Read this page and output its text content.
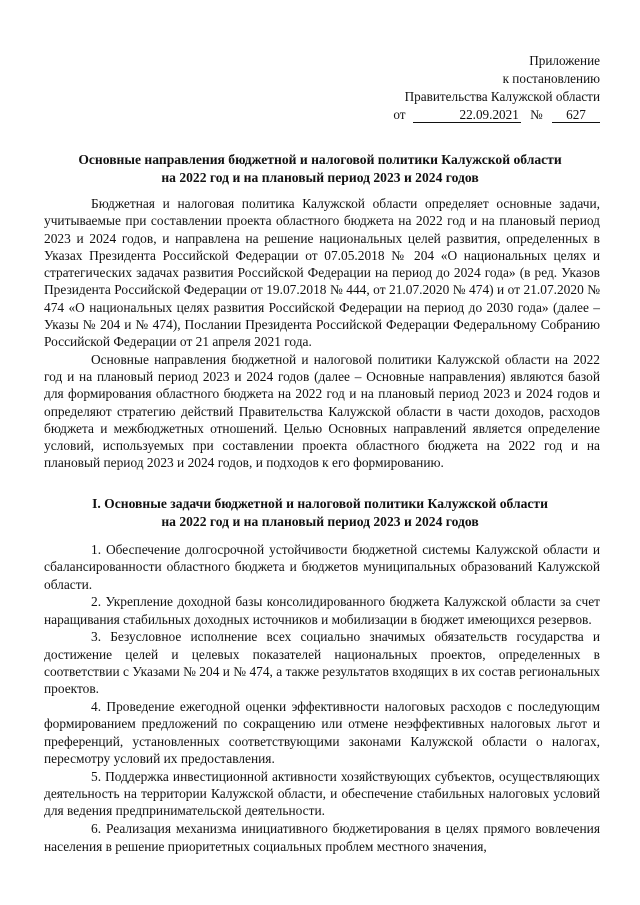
Приложение
к постановлению
Правительства Калужской области
от	22.09.2021 № 627
Основные направления бюджетной и налоговой политики Калужской области
на 2022 год и на плановый период 2023 и 2024 годов

Бюджетная и налоговая политика Калужской области определяет основные задачи, учитываемые при составлении проекта областного бюджета на 2022 год и на плановый период 2023 и 2024 годов, и направлена на решение национальных целей развития, определенных в Указах Президента Российской Федерации от 07.05.2018 № 204 «О национальных целях и стратегических задачах развития Российской Федерации на период до 2024 года» (в ред. Указов Президента Российской Федерации от 19.07.2018 № 444, от 21.07.2020 № 474) и от 21.07.2020 № 474 «О национальных целях развития Российской Федерации на период до 2030 года» (далее – Указы № 204 и № 474), Послании Президента Российской Федерации Федеральному Собранию Российской Федерации от 21 апреля 2021 года.

Основные направления бюджетной и налоговой политики Калужской области на 2022 год и на плановый период 2023 и 2024 годов (далее – Основные направления) являются базой для формирования областного бюджета на 2022 год и на плановый период 2023 и 2024 годов и определяют стратегию действий Правительства Калужской области в части доходов, расходов бюджета и межбюджетных отношений. Целью Основных направлений является определение условий, используемых при составлении проекта областного бюджета на 2022 год и на плановый период 2023 и 2024 годов, и подходов к его формированию.

I. Основные задачи бюджетной и налоговой политики Калужской области
на 2022 год и на плановый период 2023 и 2024 годов

1. Обеспечение долгосрочной устойчивости бюджетной системы Калужской области и сбалансированности областного бюджета и бюджетов муниципальных образований Калужской области.

2. Укрепление доходной базы консолидированного бюджета Калужской области за счет наращивания стабильных доходных источников и мобилизации в бюджет имеющихся резервов.

3. Безусловное исполнение всех социально значимых обязательств государства и достижение целей и целевых показателей национальных проектов, определенных в соответствии с Указами № 204 и № 474, а также результатов входящих в их состав региональных проектов.

4. Проведение ежегодной оценки эффективности налоговых расходов с последующим формированием предложений по сокращению или отмене неэффективных налоговых льгот и преференций, установленных соответствующими законами Калужской области о налогах, пересмотру условий их предоставления.

5. Поддержка инвестиционной активности хозяйствующих субъектов, осуществляющих деятельность на территории Калужской области, и обеспечение стабильных налоговых условий для ведения предпринимательской деятельности.

6. Реализация механизма инициативного бюджетирования в целях прямого вовлечения населения в решение приоритетных социальных проблем местного значения,
